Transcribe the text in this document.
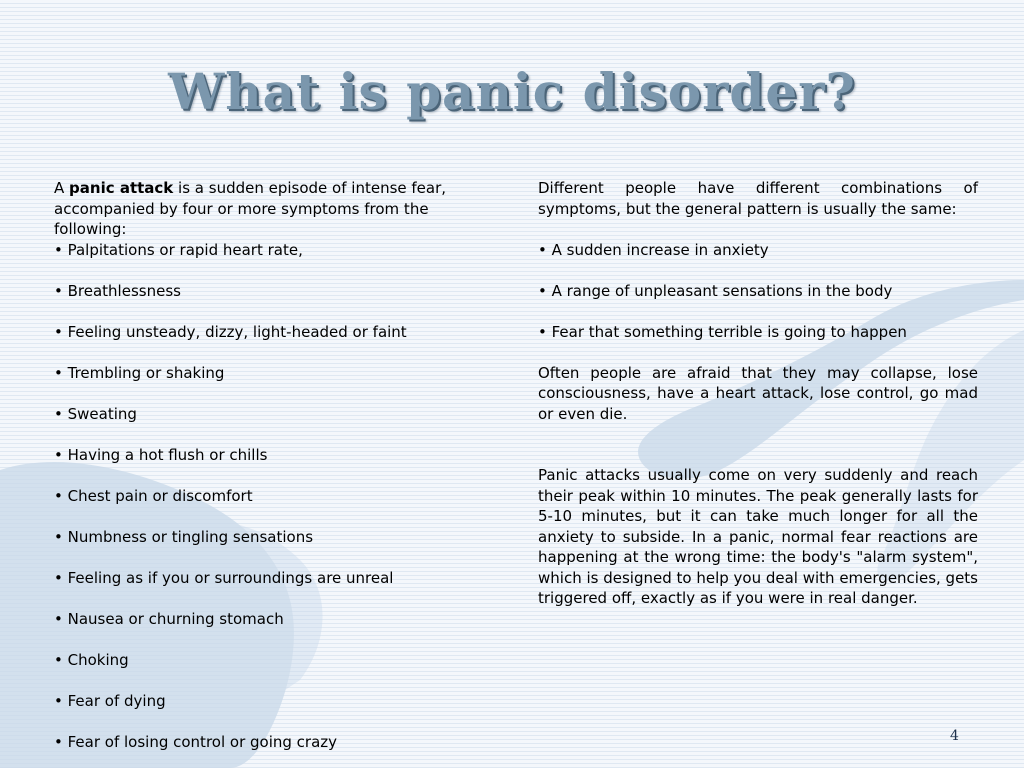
What is panic disorder?

A panic attack is a sudden episode of intense fear, accompanied by four or more symptoms from the following:

• Palpitations or rapid heart rate,

• Breathlessness

• Feeling unsteady, dizzy, light-headed or faint

• Trembling or shaking

• Sweating

• Having a hot flush or chills

• Chest pain or discomfort

• Numbness or tingling sensations

• Feeling as if you or surroundings are unreal

• Nausea or churning stomach

• Choking

• Fear of dying

• Fear of losing control or going crazy

Different people have different combinations of symptoms, but the general pattern is usually the same:

• A sudden increase in anxiety

• A range of unpleasant sensations in the body

• Fear that something terrible is going to happen

Often people are afraid that they may collapse, lose consciousness, have a heart attack, lose control, go mad or even die.

Panic attacks usually come on very suddenly and reach their peak within 10 minutes. The peak generally lasts for 5-10 minutes, but it can take much longer for all the anxiety to subside. In a panic, normal fear reactions are happening at the wrong time: the body's "alarm system", which is designed to help you deal with emergencies, gets triggered off, exactly as if you were in real danger.

4
